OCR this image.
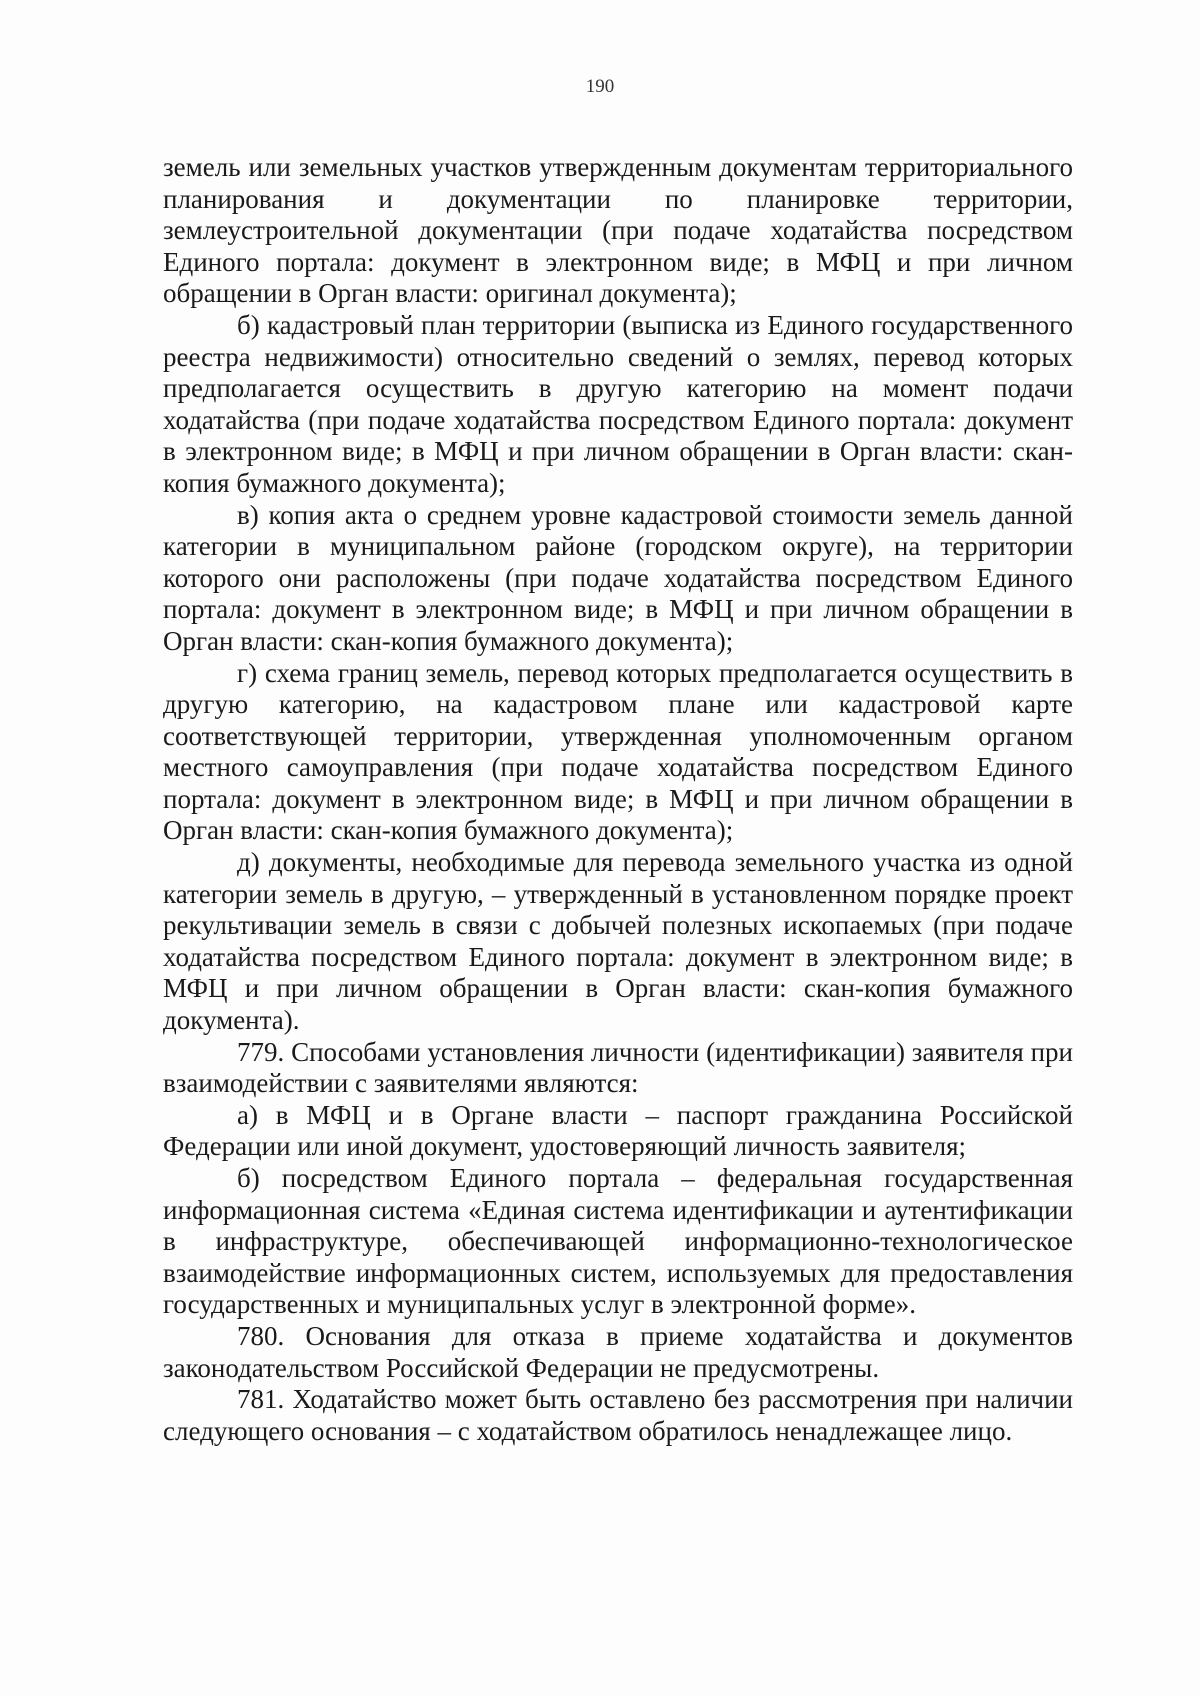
190

земель или земельных участков утвержденным документам территориального планирования и документации по планировке территории, землеустроительной документации (при подаче ходатайства посредством Единого портала: документ в электронном виде; в МФЦ и при личном обращении в Орган власти: оригинал документа);

б) кадастровый план территории (выписка из Единого государственного реестра недвижимости) относительно сведений о землях, перевод которых предполагается осуществить в другую категорию на момент подачи ходатайства (при подаче ходатайства посредством Единого портала: документ в электронном виде; в МФЦ и при личном обращении в Орган власти: скан-копия бумажного документа);

в) копия акта о среднем уровне кадастровой стоимости земель данной категории в муниципальном районе (городском округе), на территории которого они расположены (при подаче ходатайства посредством Единого портала: документ в электронном виде; в МФЦ и при личном обращении в Орган власти: скан-копия бумажного документа);

г) схема границ земель, перевод которых предполагается осуществить в другую категорию, на кадастровом плане или кадастровой карте соответствующей территории, утвержденная уполномоченным органом местного самоуправления (при подаче ходатайства посредством Единого портала: документ в электронном виде; в МФЦ и при личном обращении в Орган власти: скан-копия бумажного документа);

д) документы, необходимые для перевода земельного участка из одной категории земель в другую, – утвержденный в установленном порядке проект рекультивации земель в связи с добычей полезных ископаемых (при подаче ходатайства посредством Единого портала: документ в электронном виде; в МФЦ и при личном обращении в Орган власти: скан-копия бумажного документа).

779. Способами установления личности (идентификации) заявителя при взаимодействии с заявителями являются:

а) в МФЦ и в Органе власти – паспорт гражданина Российской Федерации или иной документ, удостоверяющий личность заявителя;

б) посредством Единого портала – федеральная государственная информационная система «Единая система идентификации и аутентификации в инфраструктуре, обеспечивающей информационно-технологическое взаимодействие информационных систем, используемых для предоставления государственных и муниципальных услуг в электронной форме».

780. Основания для отказа в приеме ходатайства и документов законодательством Российской Федерации не предусмотрены.

781. Ходатайство может быть оставлено без рассмотрения при наличии следующего основания – с ходатайством обратилось ненадлежащее лицо.
